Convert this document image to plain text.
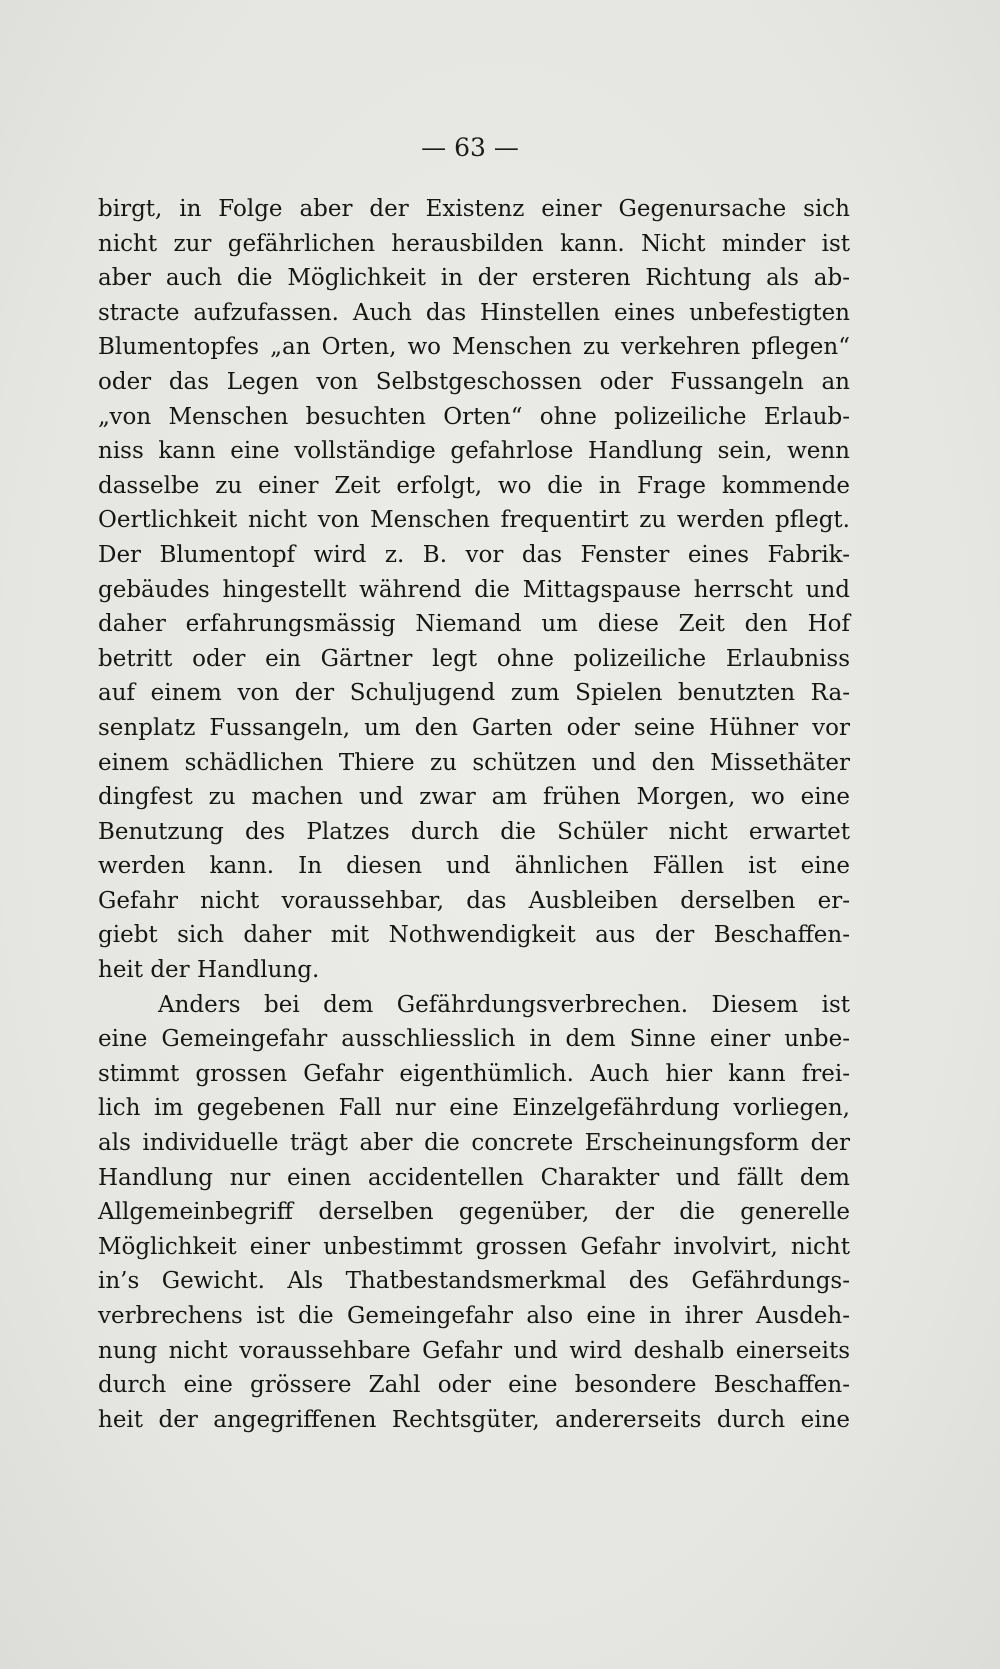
— 63 —
birgt, in Folge aber der Existenz einer Gegenursache sich
nicht zur gefährlichen herausbilden kann. Nicht minder ist
aber auch die Möglichkeit in der ersteren Richtung als ab-
stracte aufzufassen. Auch das Hinstellen eines unbefestigten
Blumentopfes „an Orten, wo Menschen zu verkehren pflegen“
oder das Legen von Selbstgeschossen oder Fussangeln an
„von Menschen besuchten Orten“ ohne polizeiliche Erlaub-
niss kann eine vollständige gefahrlose Handlung sein, wenn
dasselbe zu einer Zeit erfolgt, wo die in Frage kommende
Oertlichkeit nicht von Menschen frequentirt zu werden pflegt.
Der Blumentopf wird z. B. vor das Fenster eines Fabrik-
gebäudes hingestellt während die Mittagspause herrscht und
daher erfahrungsmässig Niemand um diese Zeit den Hof
betritt oder ein Gärtner legt ohne polizeiliche Erlaubniss
auf einem von der Schuljugend zum Spielen benutzten Ra-
senplatz Fussangeln, um den Garten oder seine Hühner vor
einem schädlichen Thiere zu schützen und den Missethäter
dingfest zu machen und zwar am frühen Morgen, wo eine
Benutzung des Platzes durch die Schüler nicht erwartet
werden kann. In diesen und ähnlichen Fällen ist eine
Gefahr nicht voraussehbar, das Ausbleiben derselben er-
giebt sich daher mit Nothwendigkeit aus der Beschaffen-
heit der Handlung.
Anders bei dem Gefährdungsverbrechen. Diesem ist
eine Gemeingefahr ausschliesslich in dem Sinne einer unbe-
stimmt grossen Gefahr eigenthümlich. Auch hier kann frei-
lich im gegebenen Fall nur eine Einzelgefährdung vorliegen,
als individuelle trägt aber die concrete Erscheinungsform der
Handlung nur einen accidentellen Charakter und fällt dem
Allgemeinbegriff derselben gegenüber, der die generelle
Möglichkeit einer unbestimmt grossen Gefahr involvirt, nicht
in’s Gewicht. Als Thatbestandsmerkmal des Gefährdungs-
verbrechens ist die Gemeingefahr also eine in ihrer Ausdeh-
nung nicht voraussehbare Gefahr und wird deshalb einerseits
durch eine grössere Zahl oder eine besondere Beschaffen-
heit der angegriffenen Rechtsgüter, andererseits durch eine
